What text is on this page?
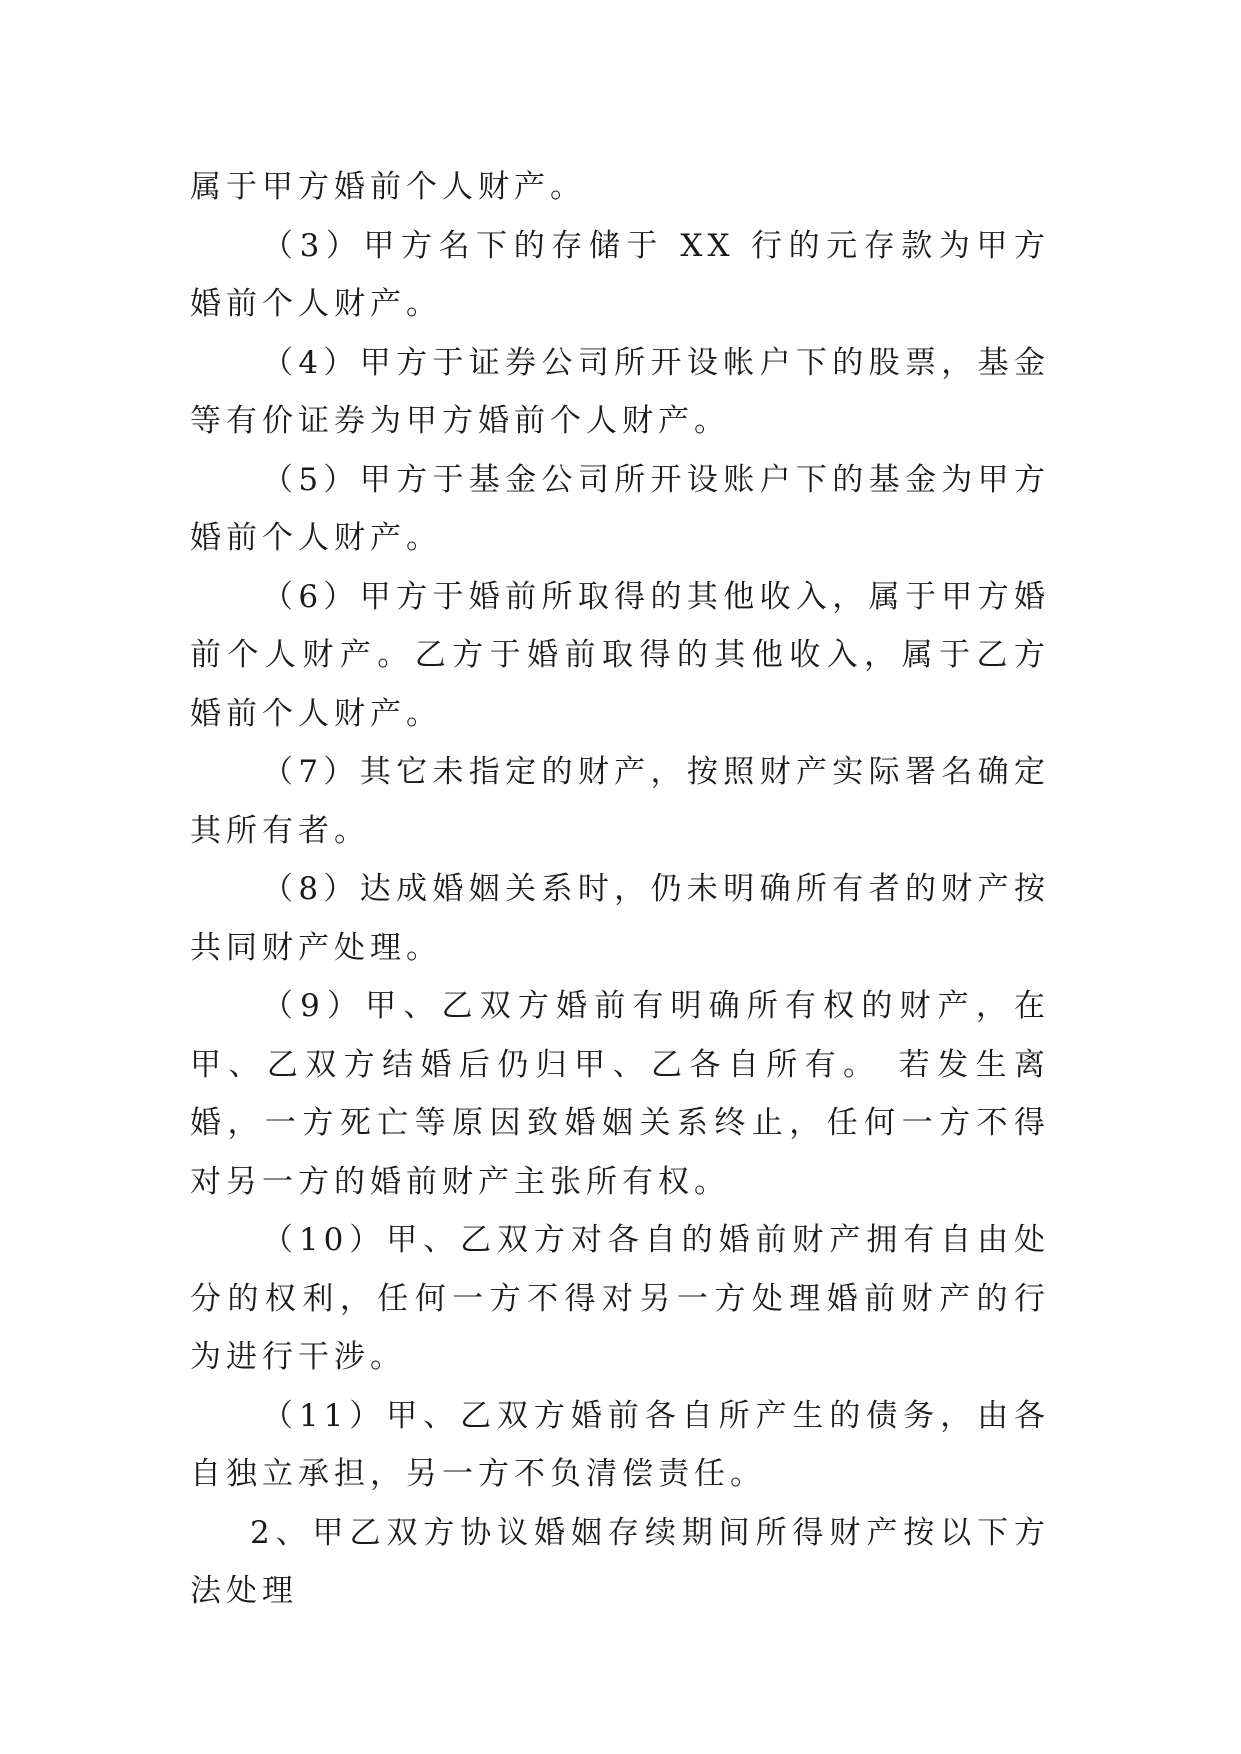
属于甲方婚前个人财产。

（3）甲方名下的存储于 XX 行的元存款为甲方婚前个人财产。

（4）甲方于证券公司所开设帐户下的股票，基金等有价证券为甲方婚前个人财产。

（5）甲方于基金公司所开设账户下的基金为甲方婚前个人财产。

（6）甲方于婚前所取得的其他收入，属于甲方婚前个人财产。乙方于婚前取得的其他收入，属于乙方婚前个人财产。

（7）其它未指定的财产，按照财产实际署名确定其所有者。

（8）达成婚姻关系时，仍未明确所有者的财产按共同财产处理。

（9）甲、乙双方婚前有明确所有权的财产，在甲、乙双方结婚后仍归甲、乙各自所有。 若发生离婚，一方死亡等原因致婚姻关系终止，任何一方不得对另一方的婚前财产主张所有权。

（10）甲、乙双方对各自的婚前财产拥有自由处分的权利，任何一方不得对另一方处理婚前财产的行为进行干涉。

（11）甲、乙双方婚前各自所产生的债务，由各自独立承担，另一方不负清偿责任。

2、甲乙双方协议婚姻存续期间所得财产按以下方法处理
